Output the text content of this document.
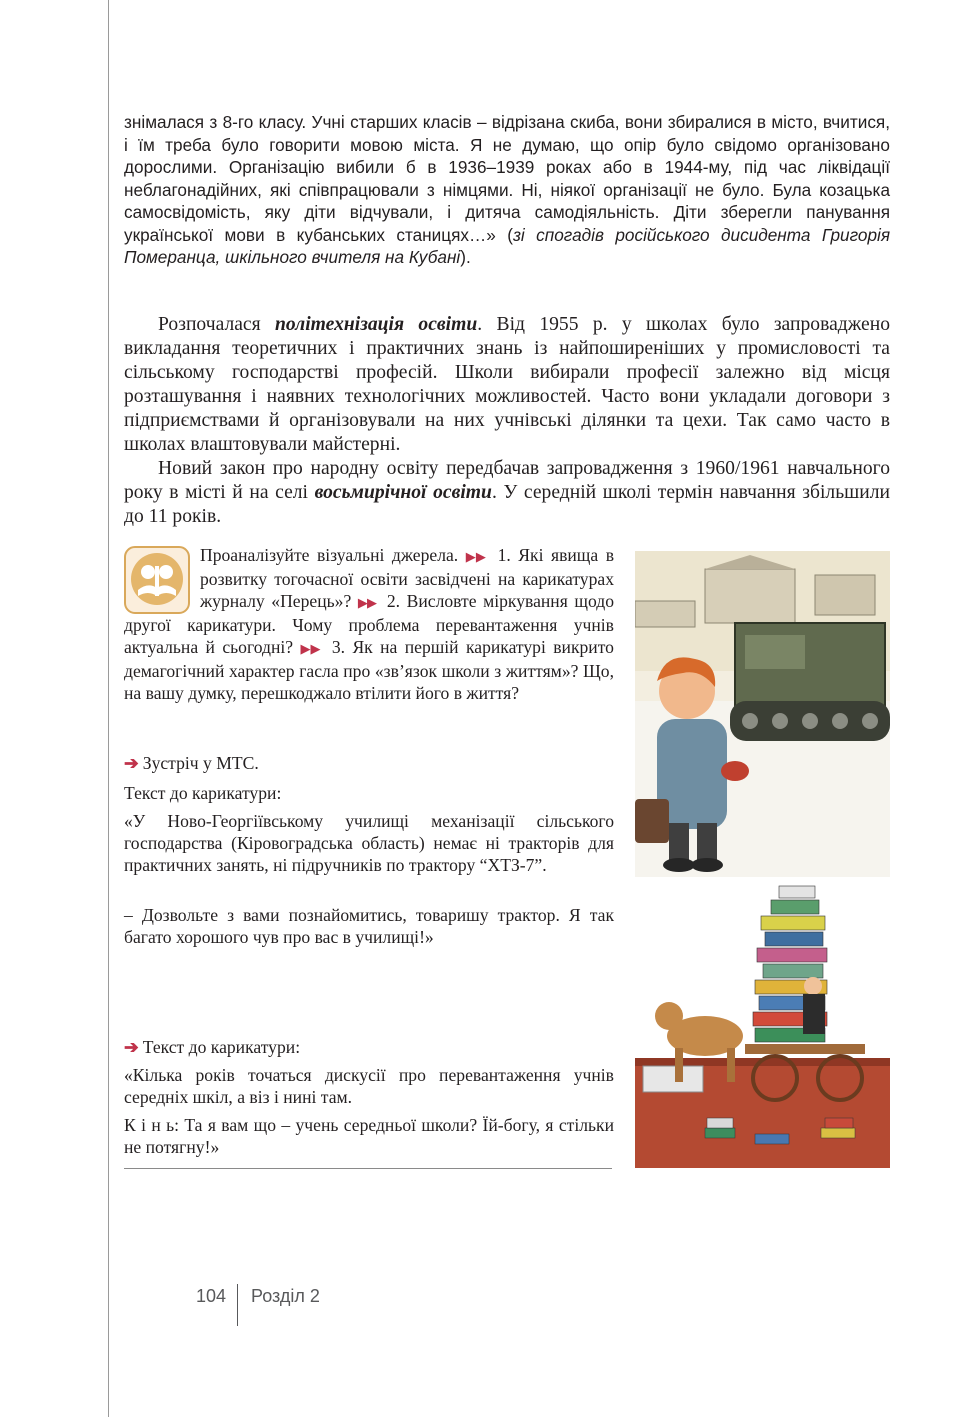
знімалася з 8-го класу. Учні старших класів – відрізана скиба, вони збиралися в місто, вчитися, і їм треба було говорити мовою міста. Я не думаю, що опір було свідомо організовано дорослими. Організацію вибили б в 1936–1939 роках або в 1944-му, під час ліквідації неблагонадійних, які співпрацювали з німцями. Ні, ніякої організації не було. Була козацька самосвідомість, яку діти відчували, і дитяча самодіяльність. Діти зберегли панування української мови в кубанських станицях…» (зі спогадів російського дисидента Григорія Померанца, шкільного вчителя на Кубані).

Розпочалася політехнізація освіти. Від 1955 р. у школах було запроваджено викладання теоретичних і практичних знань із найпоширеніших у промисловості та сільському господарстві професій. Школи вибирали професії залежно від місця розташування і наявних технологічних можливостей. Часто вони укладали договори з підприємствами й організовували на них учнівські ділянки та цехи. Так само часто в школах влаштовували майстерні.

Новий закон про народну освіту передбачав запровадження з 1960/1961 навчального року в місті й на селі восьмирічної освіти. У середній школі термін навчання збільшили до 11 років.

Проаналізуйте візуальні джерела. ▶▶ 1. Які явища в розвитку тогочасної освіти засвідчені на карикатурах журналу «Перець»? ▶▶ 2. Висловте міркування щодо другої карикатури. Чому проблема перевантаження учнів актуальна й сьогодні? ▶▶ 3. Як на першій карикатурі викрито демагогічний характер гасла про «зв’язок школи з життям»? Що, на вашу думку, перешкоджало втілити його в життя?

➔ Зустріч у МТС.

Текст до карикатури:

«У Ново-Георгіївському училищі механізації сільського господарства (Кіровоградська область) немає ні тракторів для практичних занять, ні підручників по трактору “ХТЗ-7”.

– Дозвольте з вами познайомитись, товаришу трактор. Я так багато хорошого чув про вас в училищі!»

➔ Текст до карикатури:

«Кілька років точаться дискусії про перевантаження учнів середніх шкіл, а віз і нині там.

К і н ь: Та я вам що – учень середньої школи? Їй-богу, я стільки не потягну!»

104 Розділ 2
